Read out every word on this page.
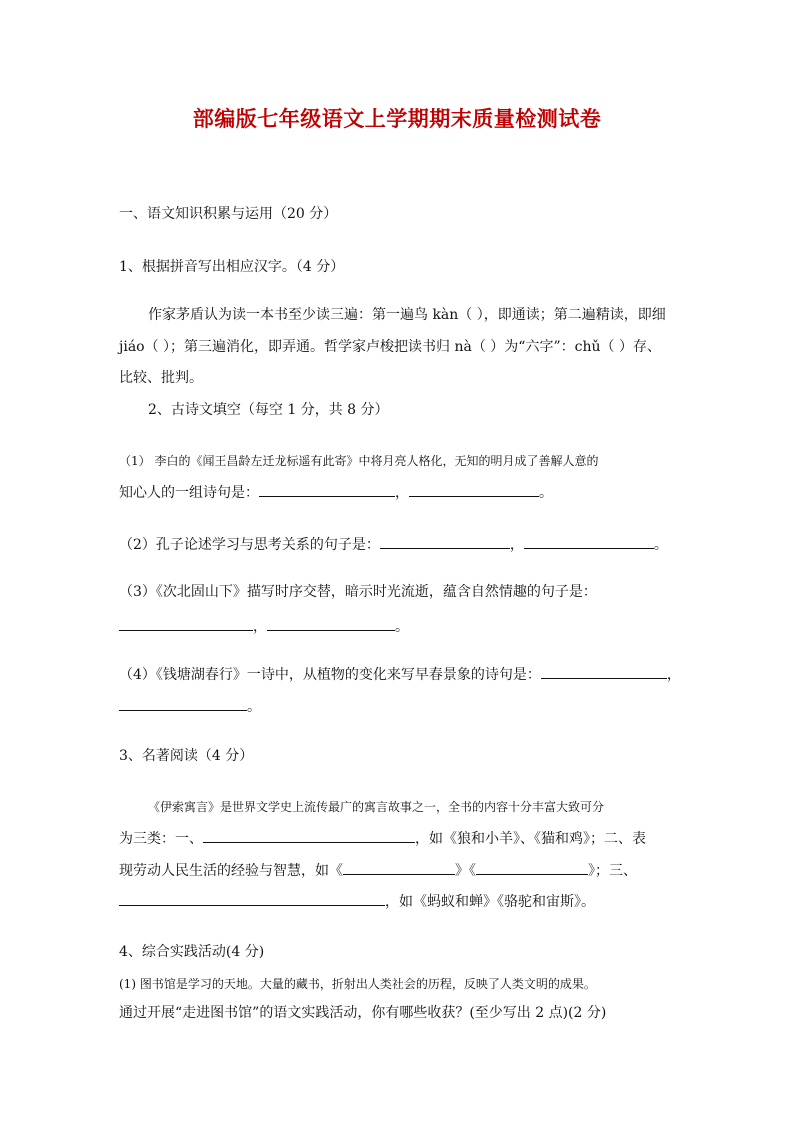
部编版七年级语文上学期期末质量检测试卷
一、语文知识积累与运用（20 分）
1、根据拼音写出相应汉字。（4 分）
作家茅盾认为读一本书至少读三遍：第一遍鸟 kàn（ ），即通读；第二遍精读，即细
jiáo（ ）；第三遍消化，即弄通。哲学家卢梭把读书归 nà（ ）为“六字”：chǔ（ ）存、
比较、批判。
2、古诗文填空（每空 1 分，共 8 分）
（1） 李白的《闻王昌龄左迁龙标遥有此寄》中将月亮人格化，无知的明月成了善解人意的
知心人的一组诗句是：	，	。
（2）孔子论述学习与思考关系的句子是：	，	。
（3）《次北固山下》描写时序交替，暗示时光流逝，蕴含自然情趣的句子是：
，	。
（4）《钱塘湖春行》一诗中，从植物的变化来写早春景象的诗句是：	，
。
3、名著阅读（4 分）
《伊索寓言》是世界文学史上流传最广的寓言故事之一，全书的内容十分丰富大致可分
为三类：一、	，如《狼和小羊》、《猫和鸡》；二、表
现劳动人民生活的经验与智慧，如《	》《	》；三、
，如《蚂蚁和蝉》《骆驼和宙斯》。
4、综合实践活动(4 分)
(1) 图书馆是学习的天地。大量的藏书，折射出人类社会的历程，反映了人类文明的成果。
通过开展“走进图书馆”的语文实践活动，你有哪些收获？(至少写出 2 点)(2 分)
